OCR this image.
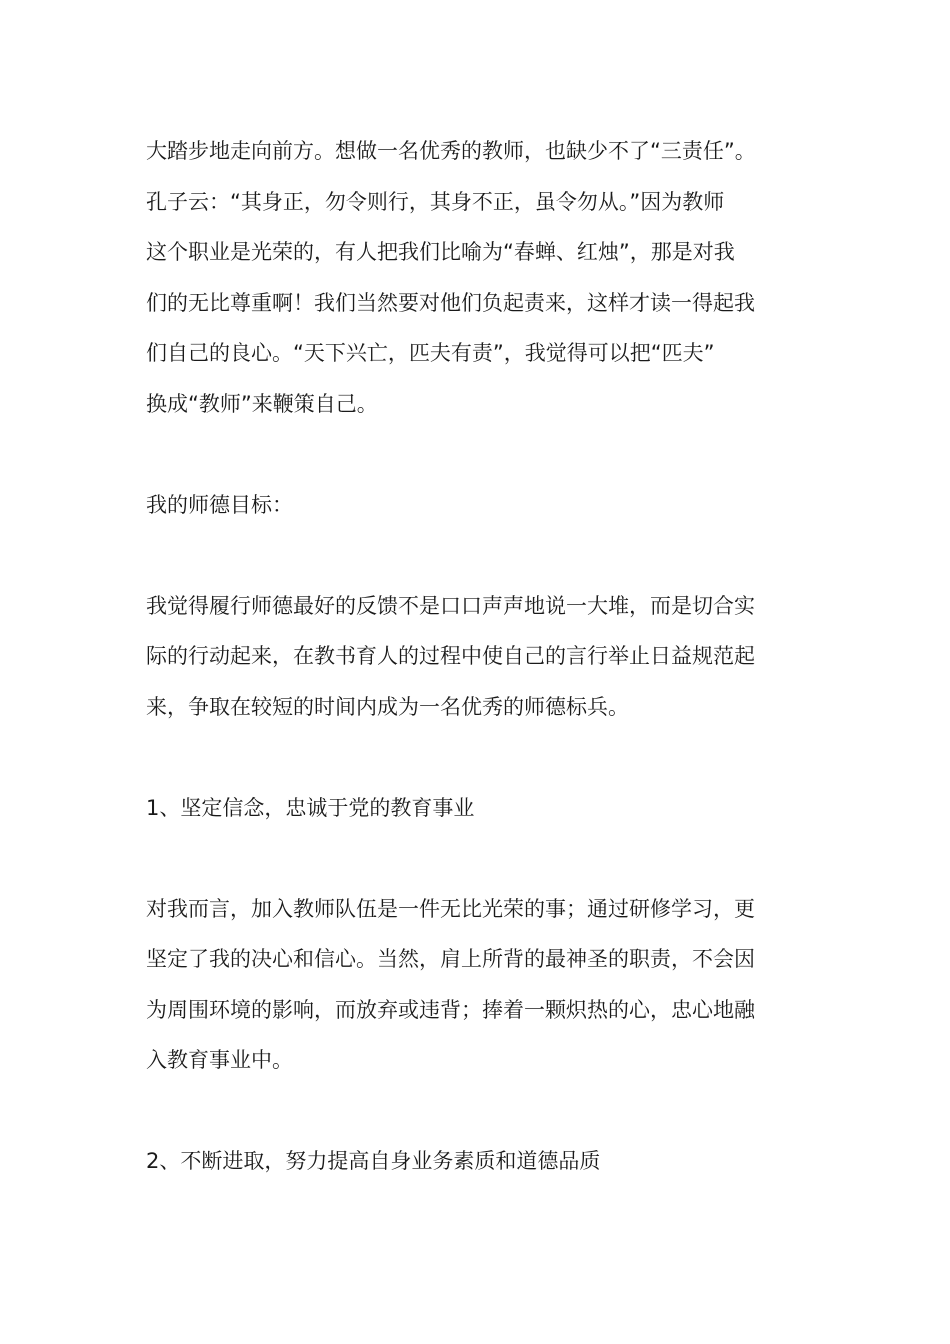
大踏步地走向前方。想做一名优秀的教师，也缺少不了“三责任”。
孔子云：“其身正，勿令则行，其身不正，虽令勿从。”因为教师
这个职业是光荣的，有人把我们比喻为“春蝉、红烛”，那是对我
们的无比尊重啊！我们当然要对他们负起责来，这样才读一得起我
们自己的良心。“天下兴亡，匹夫有责”，我觉得可以把“匹夫”
换成“教师”来鞭策自己。
我的师德目标：
我觉得履行师德最好的反馈不是口口声声地说一大堆，而是切合实
际的行动起来，在教书育人的过程中使自己的言行举止日益规范起
来，争取在较短的时间内成为一名优秀的师德标兵。
1、坚定信念，忠诚于党的教育事业
对我而言，加入教师队伍是一件无比光荣的事；通过研修学习，更
坚定了我的决心和信心。当然，肩上所背的最神圣的职责，不会因
为周围环境的影响，而放弃或违背；捧着一颗炽热的心，忠心地融
入教育事业中。
2、不断进取，努力提高自身业务素质和道德品质
